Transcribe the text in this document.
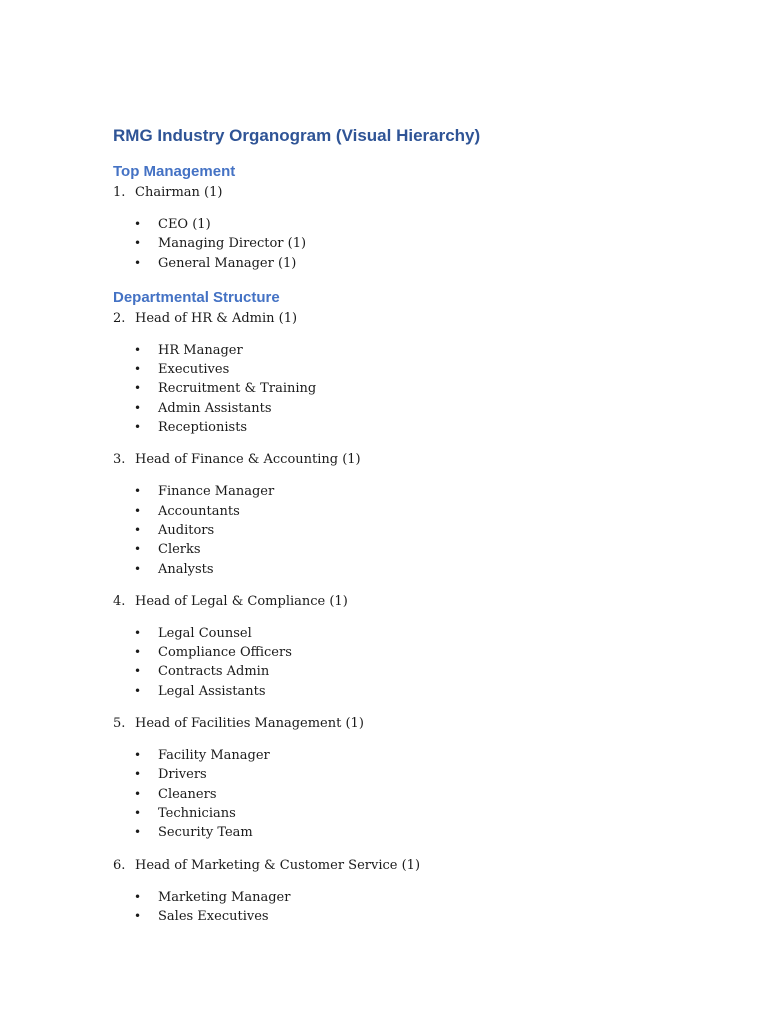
RMG Industry Organogram (Visual Hierarchy)
Top Management
1. Chairman (1)
• CEO (1)
• Managing Director (1)
• General Manager (1)
Departmental Structure
2. Head of HR & Admin (1)
• HR Manager
• Executives
• Recruitment & Training
• Admin Assistants
• Receptionists
3. Head of Finance & Accounting (1)
• Finance Manager
• Accountants
• Auditors
• Clerks
• Analysts
4. Head of Legal & Compliance (1)
• Legal Counsel
• Compliance Officers
• Contracts Admin
• Legal Assistants
5. Head of Facilities Management (1)
• Facility Manager
• Drivers
• Cleaners
• Technicians
• Security Team
6. Head of Marketing & Customer Service (1)
• Marketing Manager
• Sales Executives
